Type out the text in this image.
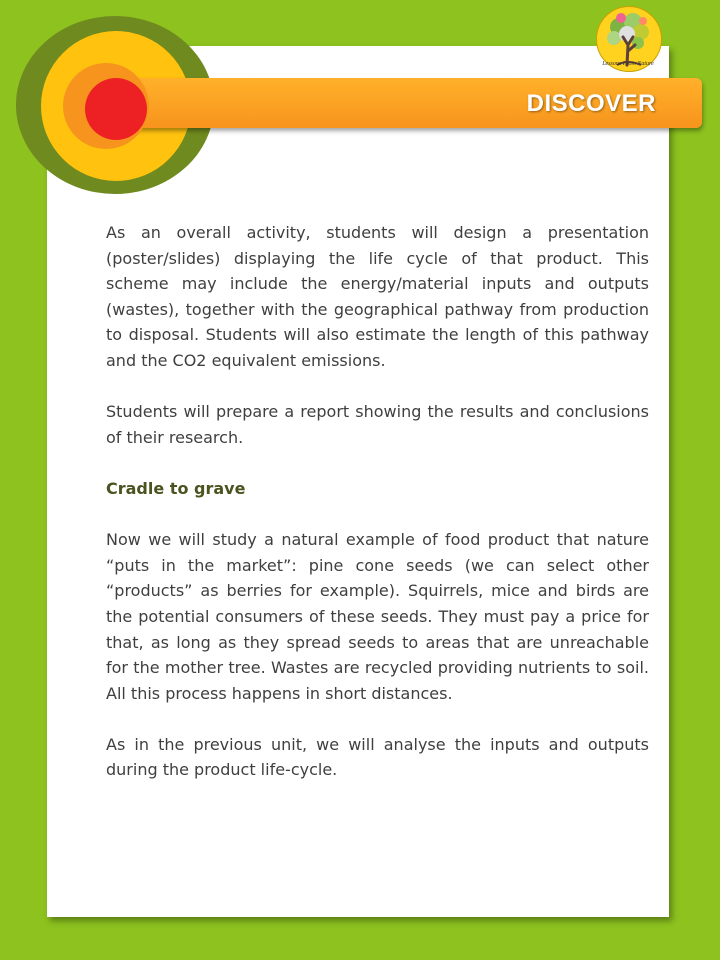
DISCOVER
Lessons From Nature

As an overall activity, students will design a presentation (poster/slides) displaying the life cycle of that product. This scheme may include the energy/material inputs and outputs (wastes), together with the geographical pathway from production to disposal. Students will also estimate the length of this pathway and the CO2 equivalent emissions.

Students will prepare a report showing the results and conclusions of their research.

Cradle to grave

Now we will study a natural example of food product that nature “puts in the market”: pine cone seeds (we can select other “products” as berries for example). Squirrels, mice and birds are the potential consumers of these seeds. They must pay a price for that, as long as they spread seeds to areas that are unreachable for the mother tree. Wastes are recycled providing nutrients to soil. All this process happens in short distances.

As in the previous unit, we will analyse the inputs and outputs during the product life-cycle.
